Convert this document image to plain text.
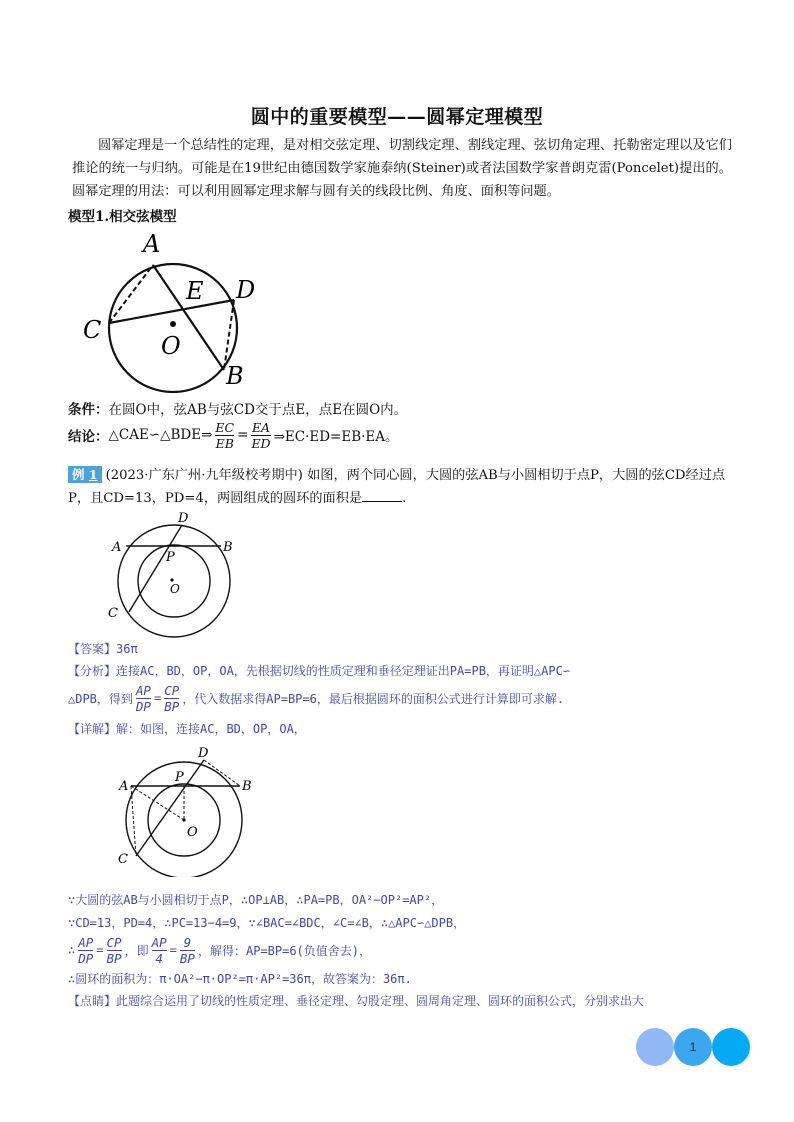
圆中的重要模型——圆幂定理模型
圆幂定理是一个总结性的定理，是对相交弦定理、切割线定理、割线定理、弦切角定理、托勒密定理以及它们推论的统一与归纳。可能是在19世纪由德国数学家施泰纳(Steiner)或者法国数学家普朗克雷(Poncelet)提出的。圆幂定理的用法：可以利用圆幂定理求解与圆有关的线段比例、角度、面积等问题。
模型1.相交弦模型
A
B
C
D
E
O
条件：在圆O中，弦AB与弦CD交于点E，点E在圆O内。
结论： △CAE∽△BDE⇒ $\frac{EC}{EB} = \frac{EA}{ED}$ ⇒EC·ED=EB·EA。
例 1 (2023·广东广州·九年级校考期中) 如图，两个同心圆，大圆的弦AB与小圆相切于点P，大圆的弦CD经过点P，且CD=13，PD=4，两圆组成的圆环的面积是	.
A	B
C
D
P
O
【答案】36π
【分析】连接AC，BD，OP，OA，先根据切线的性质定理和垂径定理证出PA=PB，再证明△APC∽
△DPB，得到 $\frac{AP}{DP} = \frac{CP}{BP}$ ，代入数据求得AP=BP=6，最后根据圆环的面积公式进行计算即可求解.
【详解】解：如图，连接AC，BD，OP，OA，
A	B
C
D
P
O
∵大圆的弦AB与小圆相切于点P，∴OP⊥AB，∴PA=PB，OA²−OP²=AP²，
∵CD=13，PD=4，∴PC=13−4=9，∵∠BAC=∠BDC，∠C=∠B，∴△APC∽△DPB，
∴ $\frac{AP}{DP} = \frac{CP}{BP}$ ，即 $\frac{AP}{4} = \frac{9}{BP}$ ，解得：AP=BP=6(负值舍去)，
∴圆环的面积为：π·OA²−π·OP²=π·AP²=36π，故答案为：36π.
【点睛】此题综合运用了切线的性质定理、垂径定理、勾股定理、圆周角定理、圆环的面积公式，分别求出大
1
